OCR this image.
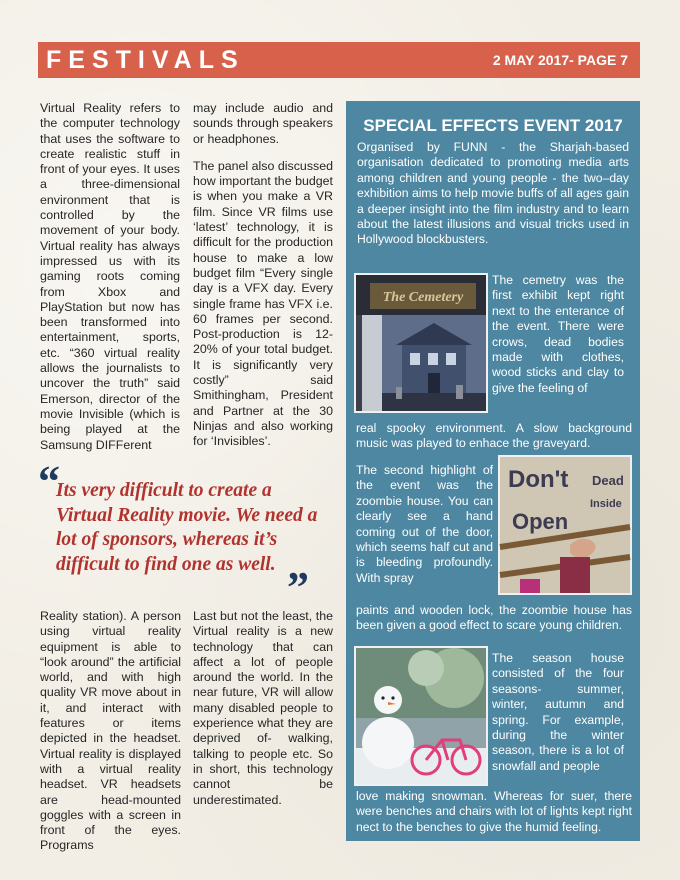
FESTIVALS	2 MAY 2017- PAGE 7

Virtual Reality refers to the computer technology that uses the software to create realistic stuff in front of your eyes. It uses a three-dimensional environment that is controlled by the movement of your body. Virtual reality has always impressed us with its gaming roots coming from Xbox and PlayStation but now has been transformed into entertainment, sports, etc. “360 virtual reality allows the journalists to uncover the truth” said Emerson, director of the movie Invisible (which is being played at the Samsung DIFFerent

may include audio and sounds through speakers or headphones.

The panel also discussed how important the budget is when you make a VR film. Since VR films use ‘latest’ technology, it is difficult for the production house to make a low budget film “Every single day is a VFX day. Every single frame has VFX i.e. 60 frames per second. Post-production is 12-20% of your total budget. It is significantly very costly” said Smithingham, President and Partner at the 30 Ninjas and also working for ‘Invisibles’.

“
Its very difficult to create a Virtual Reality movie. We need a lot of sponsors, whereas it’s difficult to find one as well. ”

Reality station). A person using virtual reality equipment is able to “look around” the artificial world, and with high quality VR move about in it, and interact with features or items depicted in the headset. Virtual reality is displayed with a virtual reality headset. VR headsets are head-mounted goggles with a screen in front of the eyes. Programs

Last but not the least, the Virtual reality is a new technology that can affect a lot of people around the world. In the near future, VR will allow many disabled people to experience what they are deprived of- walking, talking to people etc. So in short, this technology cannot be underestimated.

SPECIAL EFFECTS EVENT 2017
Organised by FUNN - the Sharjah-based organisation dedicated to promoting media arts among children and young people - the two–day exhibition aims to help movie buffs of all ages gain a deeper insight into the film industry and to learn about the latest illusions and visual tricks used in Hollywood blockbusters.
The Cemetery
The cemetry was the first exhibit kept right next to the enterance of the event. There were crows, dead bodies made with clothes, wood sticks and clay to give the feeling of
real spooky environment. A slow background music was played to enhace the graveyard.
The second highlight of the event was the zoombie house. You can clearly see a hand coming out of the door, which seems half cut and is bleeding profoundly. With spray
Don't
Open
Dead
Inside
paints and wooden lock, the zoombie house has been given a good effect to scare young children.
The season house consisted of the four seasons- summer, winter, autumn and spring. For example, during the winter season, there is a lot of snowfall and people
love making snowman. Whereas for suer, there were benches and chairs with lot of lights kept right nect to the benches to give the humid feeling.
